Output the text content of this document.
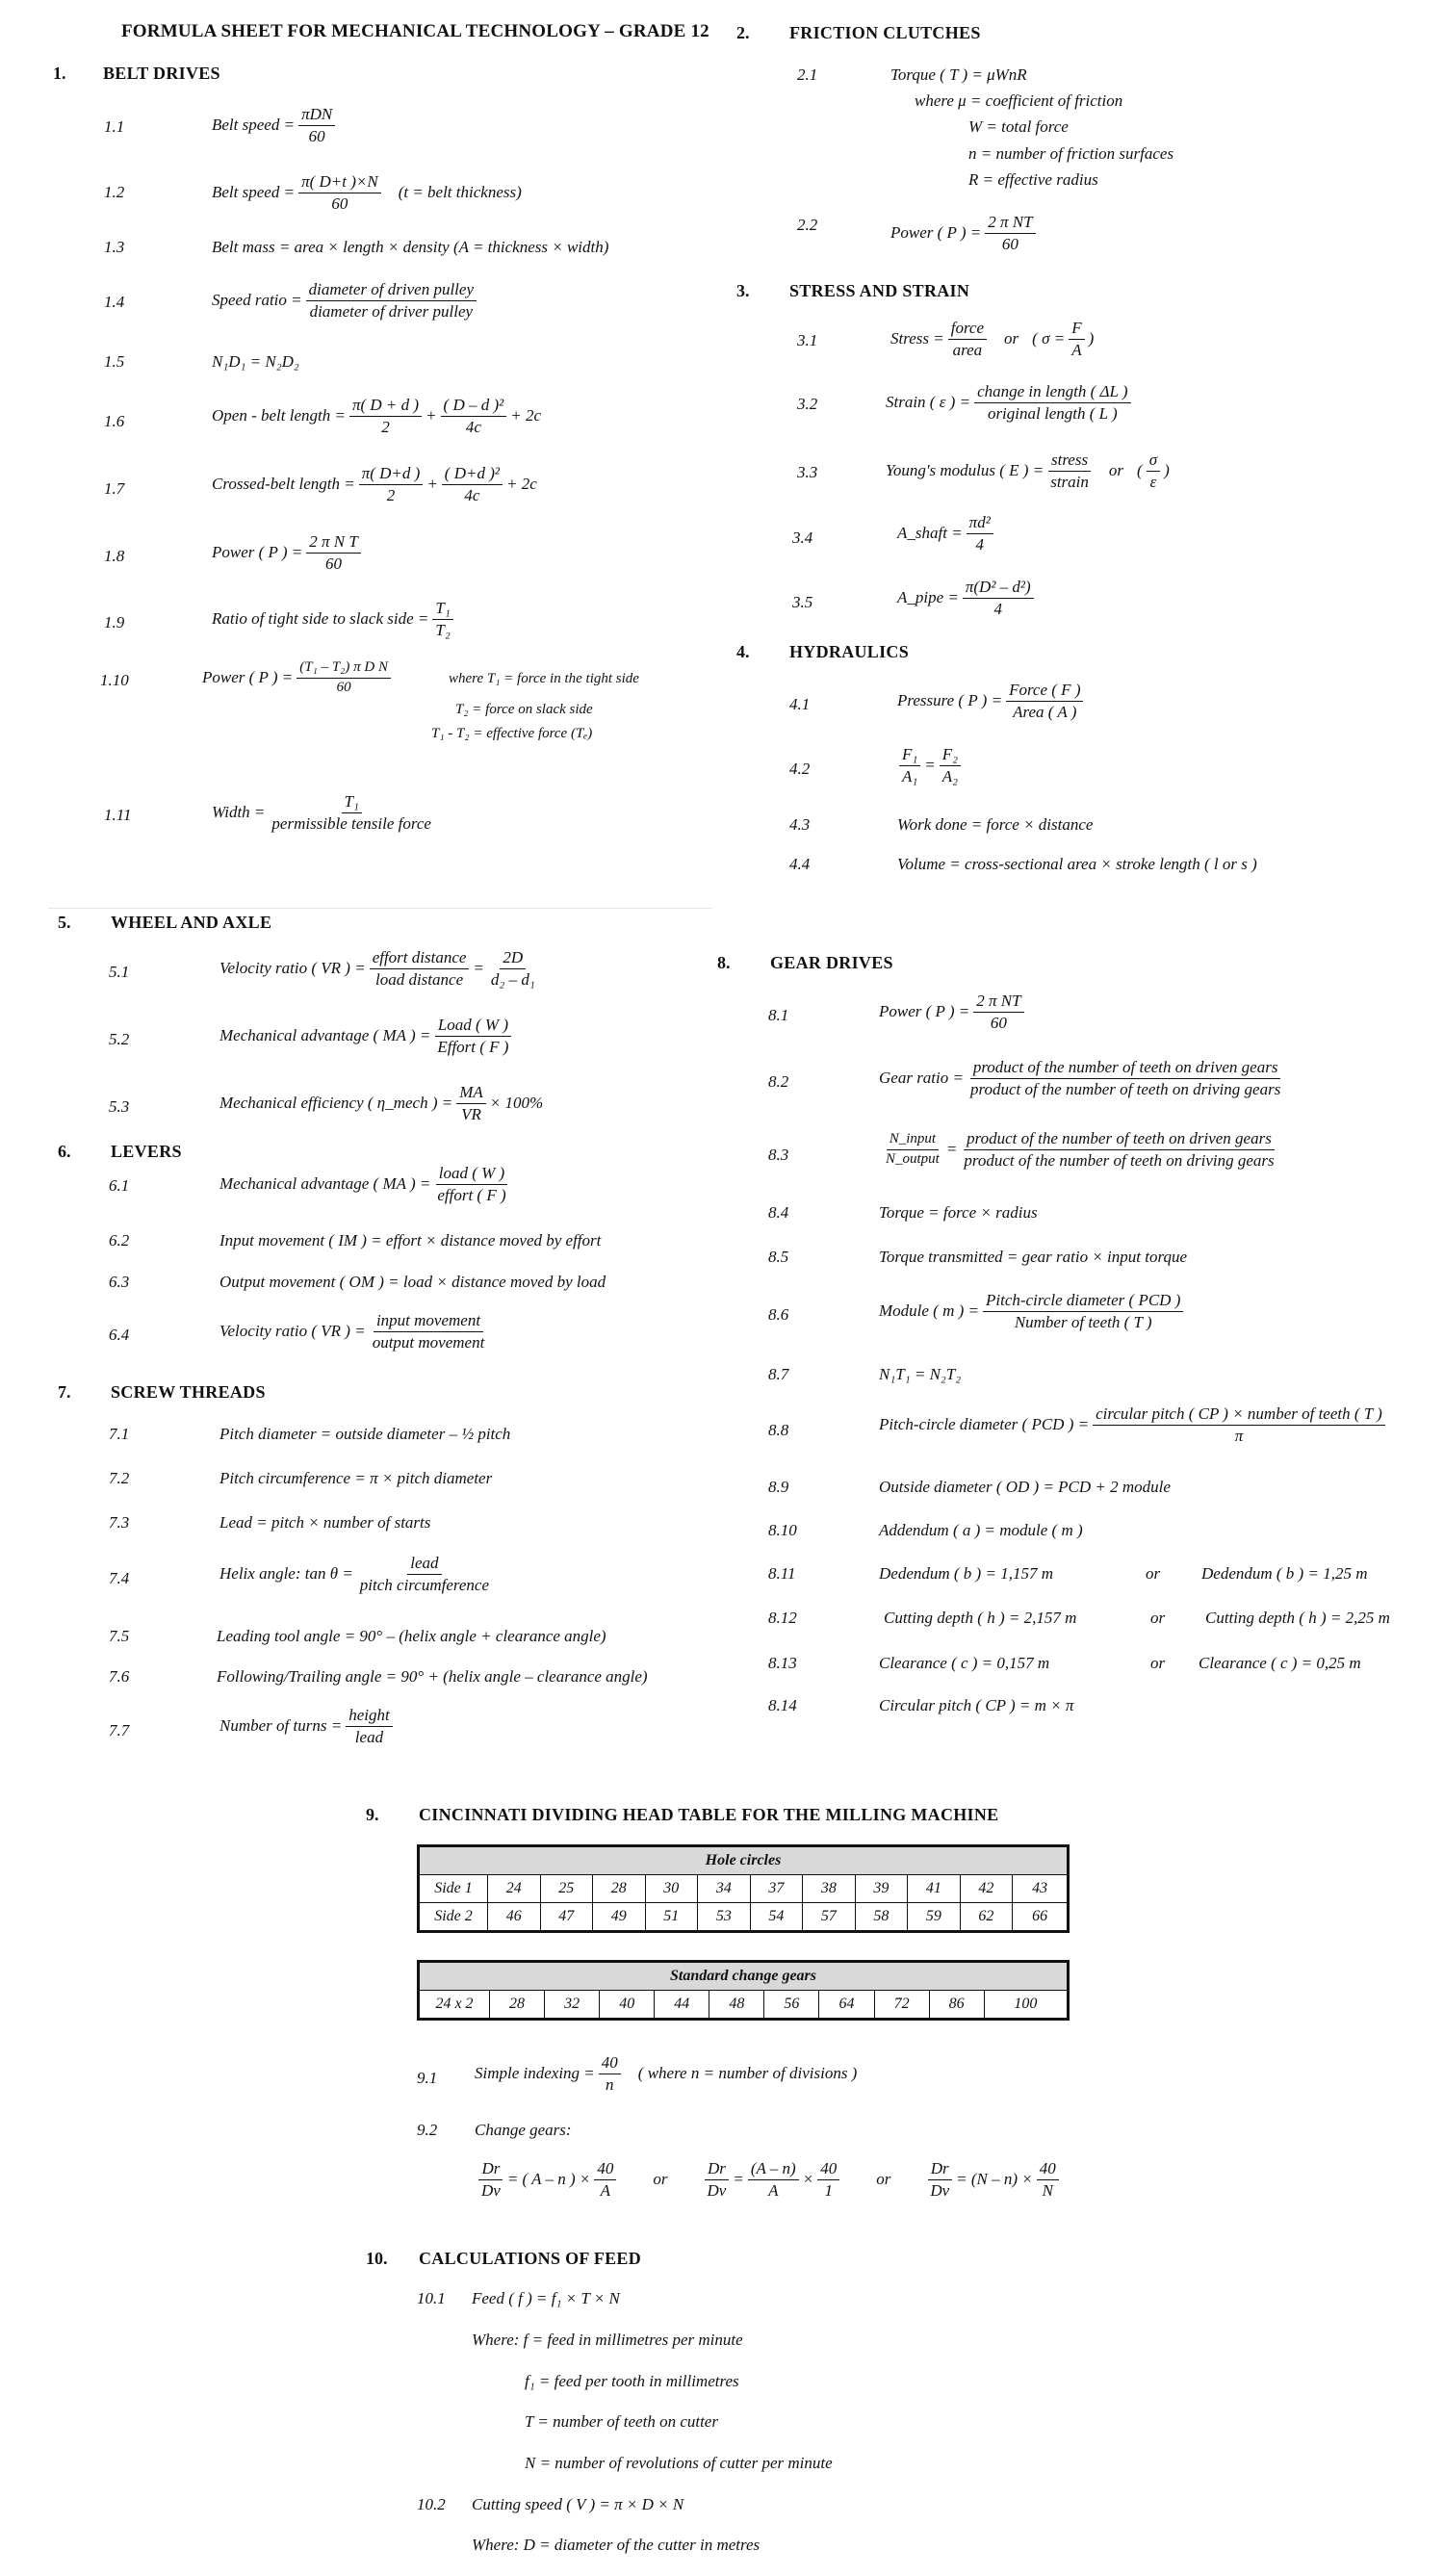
FORMULA SHEET FOR MECHANICAL TECHNOLOGY – GRADE 12
1. BELT DRIVES
1.1	Belt speed = $\frac{\text{πDN}}{60}$
1.2	Belt speed = $\frac{\pi( D+t )\times N}{60} (t$ = belt thickness)
1.3	Belt mass = area × length × density (A = thickness × width)
1.4	Speed ratio = $\frac{\text{diameter of driven pulley}}{\text{diameter of driver pulley}}$
1.5	N₁D₁ = N₂D₂
1.6	Open - belt length = $\frac{\pi( D + d )}{2} + \frac{\text{( D – d )²}}{4c} + 2c$
1.7	Crossed-belt length = $\frac{\pi( D+d )}{2} + \frac{\text{( D+d )²}}{4c} + 2c$
1.8	Power ( P ) = $\frac{\text{2 π N T}}{60}$
1.9	Ratio of tight side to slack side = $\frac{\text{T₁}}{\text{T₂}}$
1.10	Power ( P ) = $\frac{\text{(T₁ – T₂) π D N}}{60}$	where T₁ = force in the tight side
T₂ = force on slack side
T₁ - T₂ = effective force (Tₑ)
1.11	Width = $\frac{\text{T₁}}{\text{permissible tensile force}}$
2. FRICTION CLUTCHES
2.1	Torque ( T ) = μWnR
where μ = coefficient of friction
W = total force
n = number of friction surfaces
R = effective radius
2.2	Power ( P ) = $\frac{\text{2 π NT}}{60}$
3. STRESS AND STRAIN
3.1	Stress = $\frac{\text{force}}{\text{area}}$ or ( $\sigma = \frac{F}{A}$ )
3.2	Strain ( ε ) = $\frac{\text{change in length ( ΔL )}}{\text{original length ( L )}}$
3.3	Young's modulus ( E ) = $\frac{\text{stress}}{\text{strain}}$ or ( $\frac{\sigma}{\varepsilon}$ )
3.4	A_shaft = $\frac{\text{πd²}}{4}$
3.5	A_pipe = $\frac{\text{π(D² – d²)}}{4}$
4. HYDRAULICS
4.1	Pressure ( P ) = $\frac{\text{Force ( F )}}{\text{Area ( A )}}$
4.2	$\frac{\text{F₁}}{\text{A₁}} = \frac{\text{F₂}}{\text{A₂}}$
4.3	Work done = force × distance
4.4	Volume = cross-sectional area × stroke length ( l or s )
5. WHEEL AND AXLE
5.1	Velocity ratio ( VR ) = $\frac{\text{effort distance}}{\text{load distance}} = \frac{2D}{\text{d₂ – d₁}}$
5.2	Mechanical advantage ( MA ) = $\frac{\text{Load ( W )}}{\text{Effort ( F )}}$
5.3	Mechanical efficiency ( η_mech ) = $\frac{MA}{VR} \times 100\%$
6. LEVERS
6.1	Mechanical advantage ( MA ) = $\frac{\text{load ( W )}}{\text{effort ( F )}}$
6.2	Input movement ( IM ) = effort × distance moved by effort
6.3	Output movement ( OM ) = load × distance moved by load
6.4	Velocity ratio ( VR ) = $\frac{\text{input movement}}{\text{output movement}}$
7. SCREW THREADS
7.1	Pitch diameter = outside diameter – ½ pitch
7.2	Pitch circumference = π × pitch diameter
7.3	Lead = pitch × number of starts
7.4	Helix angle: $\tan \theta = \frac{\text{lead}}{\text{pitch circumference}}$
7.5	Leading tool angle = 90° – (helix angle + clearance angle)
7.6	Following/Trailing angle = 90° + (helix angle – clearance angle)
7.7	Number of turns = $\frac{\text{height}}{\text{lead}}$
8. GEAR DRIVES
8.1	Power ( P ) = $\frac{\text{2 π NT}}{60}$
8.2	Gear ratio = $\frac{\text{product of the number of teeth on driven gears}}{\text{product of the number of teeth on driving gears}}$
8.3	$\frac{\text{N\_input}}{\text{N\_output}} = \frac{\text{product of the number of teeth on driven gears}}{\text{product of the number of teeth on driving gears}}$
8.4	Torque = force × radius
8.5	Torque transmitted = gear ratio × input torque
8.6	Module ( m ) = $\frac{\text{Pitch-circle diameter ( PCD )}}{\text{Number of teeth ( T )}}$
8.7	N₁T₁ = N₂T₂
8.8	Pitch-circle diameter ( PCD ) = $\frac{\text{circular pitch ( CP ) × number of teeth ( T )}}{\pi}$
8.9	Outside diameter ( OD ) = PCD + 2 module
8.10	Addendum ( a ) = module ( m )
8.11	Dedendum ( b ) = 1,157 m	or	Dedendum ( b ) = 1,25 m
8.12	Cutting depth ( h ) = 2,157 m	or Cutting depth ( h ) = 2,25 m
8.13	Clearance ( c ) = 0,157 m	or Clearance ( c ) = 0,25 m
8.14	Circular pitch ( CP ) = m × π
9. CINCINNATI DIVIDING HEAD TABLE FOR THE MILLING MACHINE
Hole circles											
Side 1	24	25	28	30	34	37	38	39	41	42	43
Side 2	46	47	49	51	53	54	57	58	59	62	66
Standard change gears
24 x 2	28	32	40	44	48	56	64	72	86	100
9.1 Simple indexing = $\frac{40}{n}$ ( where n = number of divisions )
9.2 Change gears:
$\frac{Dr}{Dv}$ = ( A – n ) × $\frac{40}{A}$ or $\frac{Dr}{Dv} = \frac{(A - n)}{A} \times \frac{40}{1}$ or $\frac{Dr}{Dv} = (N - n) \times \frac{40}{N}$
10. CALCULATIONS OF FEED
10.1 Feed ( f ) = f₁ × T × N
Where: f = feed in millimetres per minute
f₁ = feed per tooth in millimetres
T = number of teeth on cutter
N = number of revolutions of cutter per minute
10.2 Cutting speed ( V ) = π × D × N
Where: D = diameter of the cutter in metres
